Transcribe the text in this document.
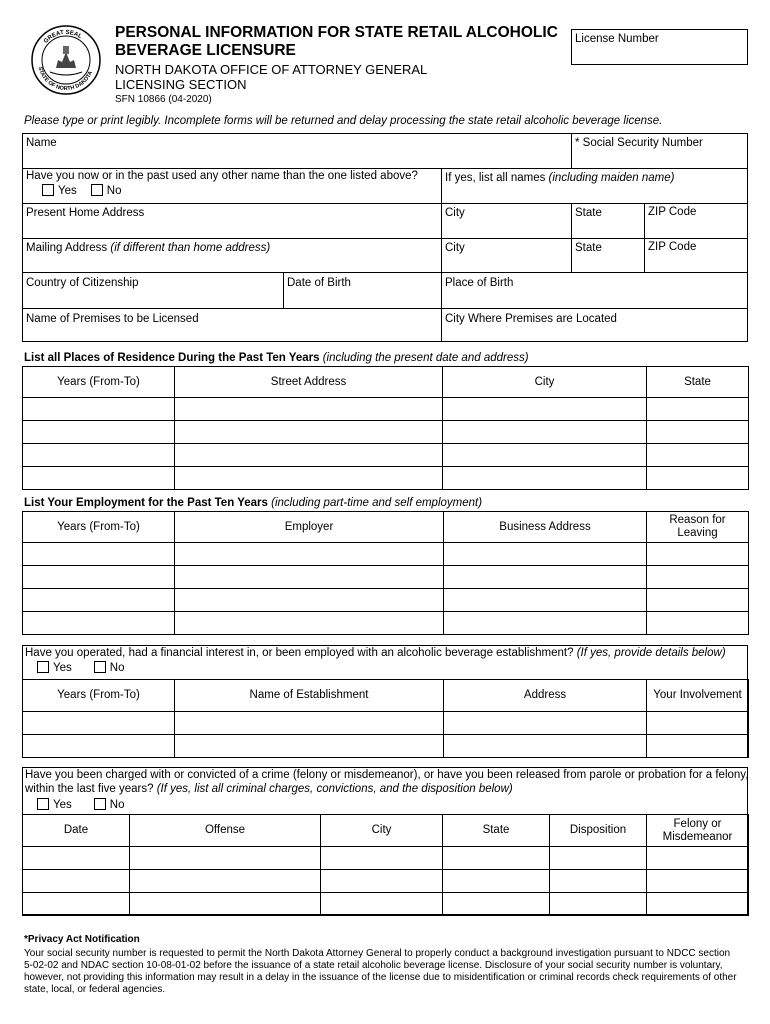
GREAT SEAL
STATE OF NORTH DAKOTA
PERSONAL INFORMATION FOR STATE RETAIL ALCOHOLIC
BEVERAGE LICENSURE
NORTH DAKOTA OFFICE OF ATTORNEY GENERAL
LICENSING SECTION
SFN 10866 (04-2020)
License Number
Please type or print legibly. Incomplete forms will be returned and delay processing the state retail alcoholic beverage license.
Name	* Social Security Number
Have you now or in the past used any other name than the one listed above?
Yes	No
If yes, list all names (including maiden name)
Present Home Address	City	State	ZIP Code
Mailing Address (if different than home address)	City	State	ZIP Code
Country of Citizenship	Date of Birth	Place of Birth
Name of Premises to be Licensed	City Where Premises are Located
List all Places of Residence During the Past Ten Years (including the present date and address)
Years (From-To)	Street Address	City	State

List Your Employment for the Past Ten Years (including part-time and self employment)
Years (From-To)	Employer	Business Address	Reason for
Leaving

Have you operated, had a financial interest in, or been employed with an alcoholic beverage establishment? (If yes, provide details below)
Yes	No
Years (From-To)	Name of Establishment	Address	Your Involvement

Have you been charged with or convicted of a crime (felony or misdemeanor), or have you been released from parole or probation for a felony,
within the last five years? (If yes, list all criminal charges, convictions, and the disposition below)
Yes	No
Date	Offense	City	State	Disposition	Felony or
Misdemeanor

*Privacy Act Notification
Your social security number is requested to permit the North Dakota Attorney General to properly conduct a background investigation pursuant to NDCC section
5-02-02 and NDAC section 10-08-01-02 before the issuance of a state retail alcoholic beverage license. Disclosure of your social security number is voluntary,
however, not providing this information may result in a delay in the issuance of the license due to misidentification or criminal records check requirements of other
state, local, or federal agencies.
